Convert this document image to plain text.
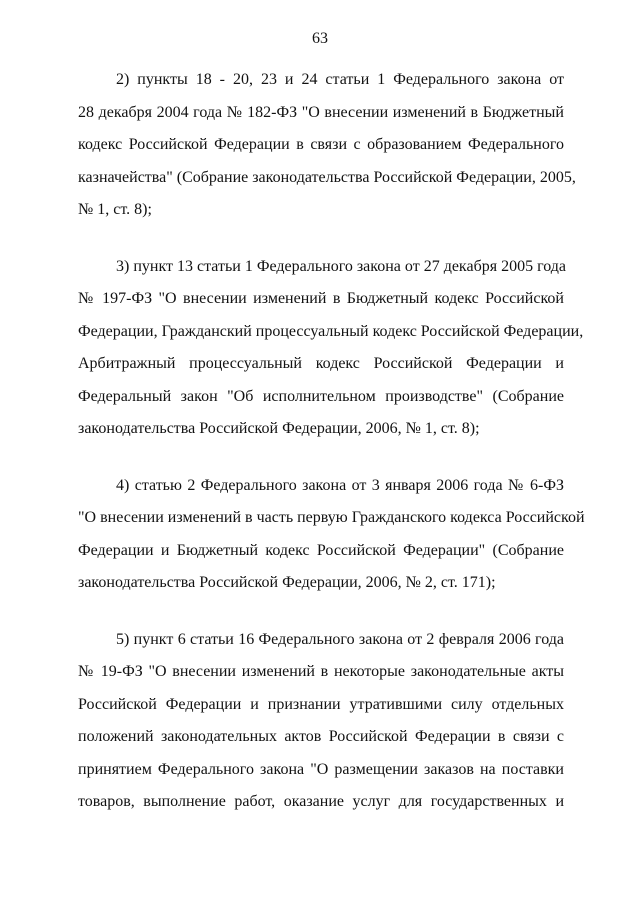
63
2) пункты 18 - 20, 23 и 24 статьи 1 Федерального закона от
28 декабря 2004 года № 182-ФЗ "О внесении изменений в Бюджетный
кодекс Российской Федерации в связи с образованием Федерального
казначейства" (Собрание законодательства Российской Федерации, 2005,
№ 1, ст. 8);
3) пункт 13 статьи 1 Федерального закона от 27 декабря 2005 года
№ 197-ФЗ "О внесении изменений в Бюджетный кодекс Российской
Федерации, Гражданский процессуальный кодекс Российской Федерации,
Арбитражный процессуальный кодекс Российской Федерации и
Федеральный закон "Об исполнительном производстве" (Собрание
законодательства Российской Федерации, 2006, № 1, ст. 8);
4) статью 2 Федерального закона от 3 января 2006 года № 6-ФЗ
"О внесении изменений в часть первую Гражданского кодекса Российской
Федерации и Бюджетный кодекс Российской Федерации" (Собрание
законодательства Российской Федерации, 2006, № 2, ст. 171);
5) пункт 6 статьи 16 Федерального закона от 2 февраля 2006 года
№ 19-ФЗ "О внесении изменений в некоторые законодательные акты
Российской Федерации и признании утратившими силу отдельных
положений законодательных актов Российской Федерации в связи с
принятием Федерального закона "О размещении заказов на поставки
товаров, выполнение работ, оказание услуг для государственных и
